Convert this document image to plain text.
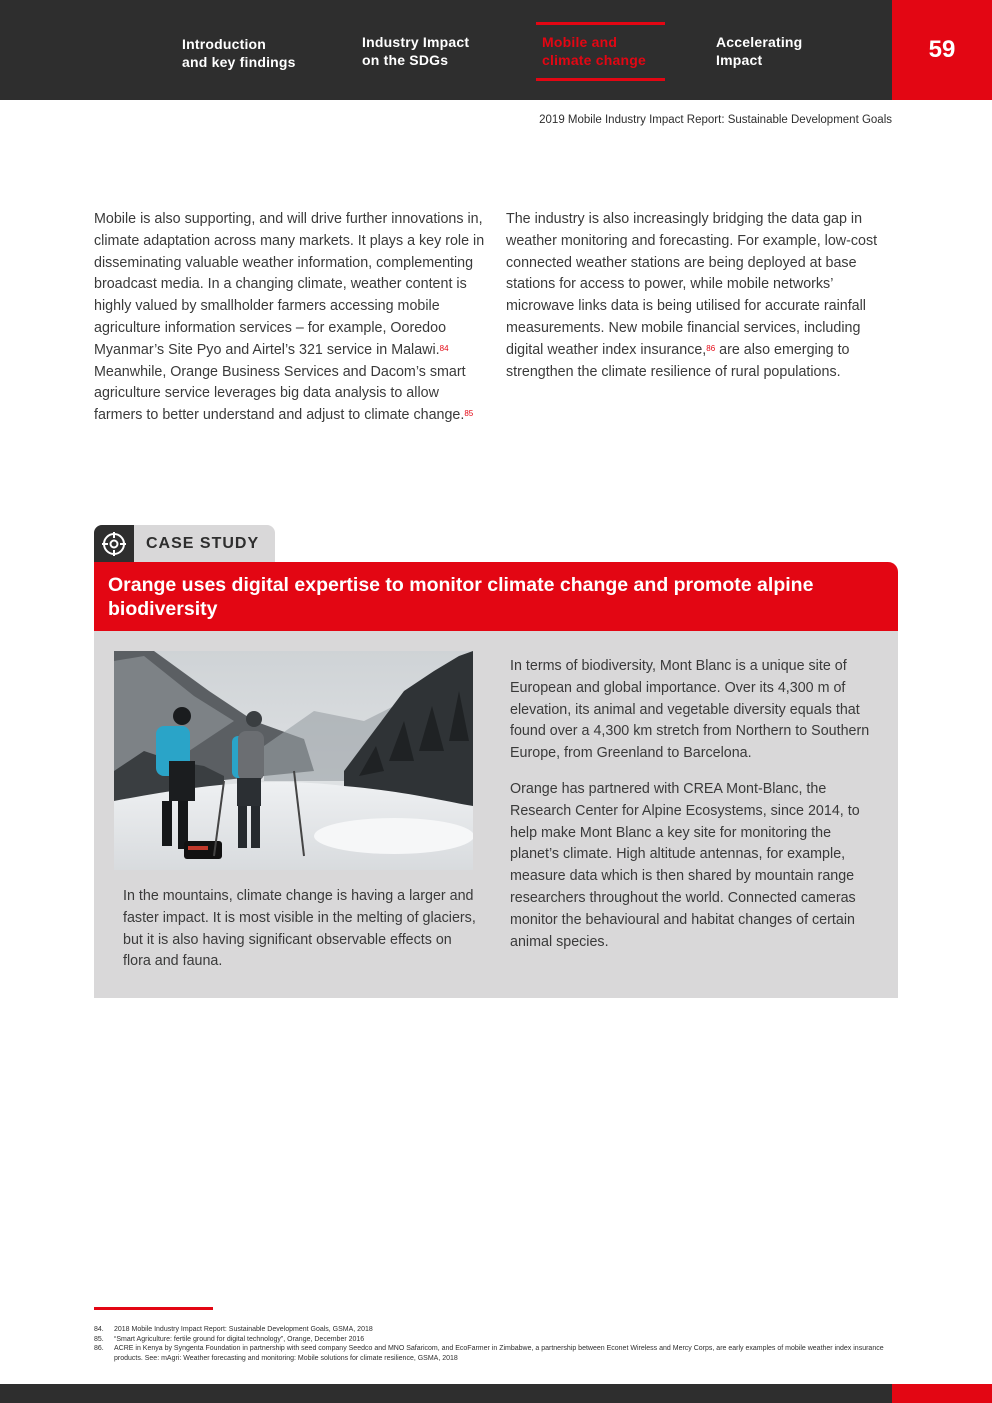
Introduction
and key findings
Industry Impact
on the SDGs
Mobile and
climate change
Accelerating
Impact	59
2019 Mobile Industry Impact Report: Sustainable Development Goals
Mobile is also supporting, and will drive further innovations in, climate adaptation across many markets. It plays a key role in disseminating valuable weather information, complementing broadcast media. In a changing climate, weather content is highly valued by smallholder farmers accessing mobile agriculture information services – for example, Ooredoo Myanmar’s Site Pyo and Airtel’s 321 service in Malawi.$^{84}$ Meanwhile, Orange Business Services and Dacom’s smart agriculture service leverages big data analysis to allow farmers to better understand and adjust to climate change.$^{85}$
The industry is also increasingly bridging the data gap in weather monitoring and forecasting. For example, low-cost connected weather stations are being deployed at base stations for access to power, while mobile networks’ microwave links data is being utilised for accurate rainfall measurements. New mobile financial services, including digital weather index insurance,$^{86}$ are also emerging to strengthen the climate resilience of rural populations.
CASE STUDY
Orange uses digital expertise to monitor climate change and promote alpine biodiversity
In the mountains, climate change is having a larger and faster impact. It is most visible in the melting of glaciers, but it is also having significant observable effects on flora and fauna.

In terms of biodiversity, Mont Blanc is a unique site of European and global importance. Over its 4,300 m of elevation, its animal and vegetable diversity equals that found over a 4,300 km stretch from Northern to Southern Europe, from Greenland to Barcelona.

Orange has partnered with CREA Mont-Blanc, the Research Center for Alpine Ecosystems, since 2014, to help make Mont Blanc a key site for monitoring the planet’s climate. High altitude antennas, for example, measure data which is then shared by mountain range researchers throughout the world. Connected cameras monitor the behavioural and habitat changes of certain animal species.

84.	2018 Mobile Industry Impact Report: Sustainable Development Goals, GSMA, 2018
85.	“Smart Agriculture: fertile ground for digital technology”, Orange, December 2016
86.	ACRE in Kenya by Syngenta Foundation in partnership with seed company Seedco and MNO Safaricom, and EcoFarmer in Zimbabwe, a partnership between Econet Wireless and Mercy Corps, are early examples of mobile weather index insurance products. See: mAgri: Weather forecasting and monitoring: Mobile solutions for climate resilience, GSMA, 2018
